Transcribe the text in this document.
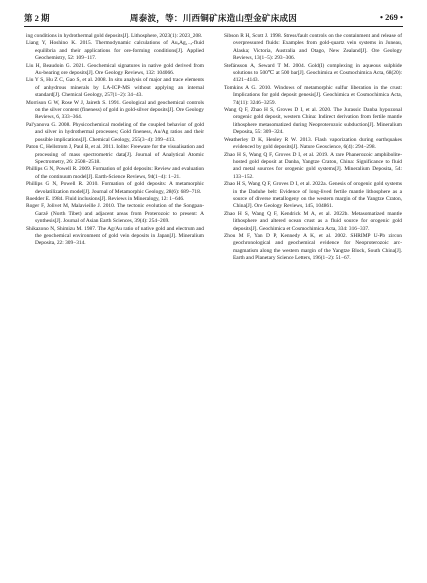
第 2 期	周泰波，等：川西铜矿床造山型金矿床成因	• 269 •

ing conditions in hydrothermal gold deposits[J]. Lithosphere, 2023(1): 2023_208.

Liang Y, Hoshino K. 2015. Thermodynamic calculations of AuₓAg₁₋ₓ-fluid equilibria and their applications for ore-forming conditions[J]. Applied Geochemistry, 52: 109−117.

Liu H, Beaudoin G. 2021. Geochemical signatures in native gold derived from Au-bearing ore deposits[J]. Ore Geology Reviews, 132: 104066.

Liu Y S, Hu Z C, Gao S, et al. 2008. In situ analysis of major and trace elements of anhydrous minerals by LA-ICP-MS without applying an internal standard[J]. Chemical Geology, 257(1−2): 34−43.

Morrison G W, Rose W J, Jaireth S. 1991. Geological and geochemical controls on the silver content (fineness) of gold in gold-silver deposits[J]. Ore Geology Reviews, 6, 333−364.

Pal'yanova G. 2008. Physicochemical modeling of the coupled behavior of gold and silver in hydrothermal processes; Gold fineness, Au/Ag ratios and their possible implications[J]. Chemical Geology, 255(3−4): 399−413.

Paton C, Hellstrom J, Paul B, et al. 2011. Iolite: Freeware for the visualisation and processing of mass spectrometric data[J]. Journal of Analytical Atomic Spectrometry, 26: 2508−2518.

Phillips G N, Powell R. 2009. Formation of gold deposits: Review and evaluation of the continuum model[J]. Earth-Science Reviews, 94(1−4): 1−21.

Phillips G N, Powell R. 2010. Formation of gold deposits: A metamorphic devolatilization model[J]. Journal of Metamorphic Geology, 28(6): 689−718.

Roedder E. 1984. Fluid inclusions[J]. Reviews in Mineralogy, 12: 1−646.

Roger F, Jolivet M, Malavieille J. 2010. The tectonic evolution of the Songpan-Garzê (North Tibet) and adjacent areas from Proterozoic to present: A synthesis[J]. Journal of Asian Earth Sciences, 39(4): 254−269.

Shikazono N, Shimizu M. 1987. The Ag/Au ratio of native gold and electrum and the geochemical environment of gold vein deposits in Japan[J]. Mineralium Deposita, 22: 309−314.

Sibson R H, Scott J. 1998. Stress/fault controls on the containment and release of overpressured fluids: Examples from gold-quartz vein systems in Juneau, Alaska; Victoria, Australia and Otago, New Zealand[J]. Ore Geology Reviews, 13(1−5): 293−306.

Stefánsson A, Seward T M. 2004. Gold(I) complexing in aqueous sulphide solutions to 500℃ at 500 bar[J]. Geochimica et Cosmochimica Acta, 68(20): 4121−4143.

Tomkins A G. 2010. Windows of metamorphic sulfur liberation in the crust: Implications for gold deposit genesis[J]. Geochimica et Cosmochimica Acta, 74(11): 3246−3259.

Wang Q F, Zhao H S, Groves D I, et al. 2020. The Jurassic Danba hypozonal orogenic gold deposit, western China: Indirect derivation from fertile mantle lithosphere metasomatized during Neoproterozoic subduction[J]. Mineralium Deposita, 55: 309−324.

Weatherley D K, Henley R W. 2013. Flash vaporization during earthquakes evidenced by gold deposits[J]. Nature Geoscience, 6(4): 294−298.

Zhao H S, Wang Q F, Groves D I, et al. 2019. A rare Phanerozoic amphibolite-hosted gold deposit at Danba, Yangtze Craton, China: Significance to fluid and metal sources for orogenic gold systems[J]. Mineralium Deposita, 54: 133−152.

Zhao H S, Wang Q F, Groves D I, et al. 2022a. Genesis of orogenic gold systems in the Daduhe belt: Evidence of long-lived fertile mantle lithosphere as a source of diverse metallogeny on the western margin of the Yangtze Craton, China[J]. Ore Geology Reviews, 145, 104861.

Zhao H S, Wang Q F, Kendrick M A, et al. 2022b. Metasomatized mantle lithosphere and altered ocean crust as a fluid source for orogenic gold deposits[J]. Geochimica et Cosmochimica Acta, 334: 316−337.

Zhou M F, Yan D P, Kennedy A K, et al. 2002. SHRIMP U-Pb zircon geochronological and geochemical evidence for Neoproterozoic arc-magmatism along the western margin of the Yangtze Block, South China[J]. Earth and Planetary Science Letters, 196(1−2): 51−67.
